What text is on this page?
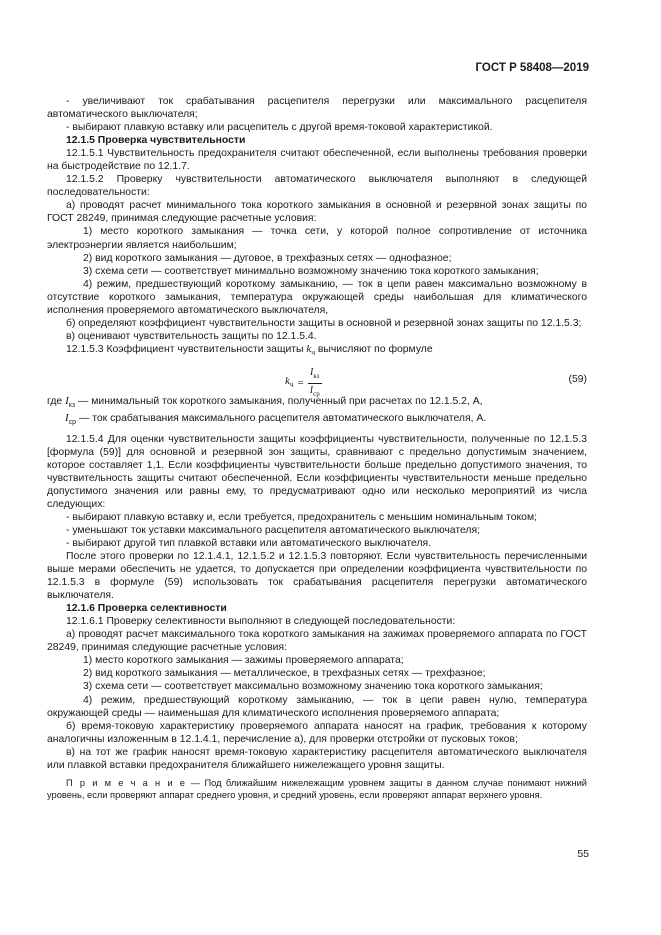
ГОСТ Р 58408—2019

- увеличивают ток срабатывания расцепителя перегрузки или максимального расцепителя автоматического выключателя;

- выбирают плавкую вставку или расцепитель с другой время-токовой характеристикой.

12.1.5 Проверка чувствительности

12.1.5.1 Чувствительность предохранителя считают обеспеченной, если выполнены требования проверки на быстродействие по 12.1.7.

12.1.5.2 Проверку чувствительности автоматического выключателя выполняют в следующей последовательности:

а) проводят расчет минимального тока короткого замыкания в основной и резервной зонах защиты по ГОСТ 28249, принимая следующие расчетные условия:

1) место короткого замыкания — точка сети, у которой полное сопротивление от источника электроэнергии является наибольшим;

2) вид короткого замыкания — дуговое, в трехфазных сетях — однофазное;

3) схема сети — соответствует минимально возможному значению тока короткого замыкания;

4) режим, предшествующий короткому замыканию, — ток в цепи равен максимально возможному в отсутствие короткого замыкания, температура окружающей среды наибольшая для климатического исполнения проверяемого автоматического выключателя,

б) определяют коэффициент чувствительности защиты в основной и резервной зонах защиты по 12.1.5.3;

в) оценивают чувствительность защиты по 12.1.5.4.

12.1.5.3 Коэффициент чувствительности защиты $k_ч$ вычисляют по формуле

$k_ч = \frac{I_{кз}}{I_{ср}}$	(59)

где $I_{кз}$ — минимальный ток короткого замыкания, полученный при расчетах по 12.1.5.2, А,

$I_{ср}$ — ток срабатывания максимального расцепителя автоматического выключателя, А.

12.1.5.4 Для оценки чувствительности защиты коэффициенты чувствительности, полученные по 12.1.5.3 [формула (59)] для основной и резервной зон защиты, сравнивают с предельно допустимым значением, которое составляет 1,1. Если коэффициенты чувствительности больше предельно допустимого значения, то чувствительность защиты считают обеспеченной. Если коэффициенты чувствительности меньше предельно допустимого значения или равны ему, то предусматривают одно или несколько мероприятий из числа следующих:

- выбирают плавкую вставку и, если требуется, предохранитель с меньшим номинальным током;

- уменьшают ток уставки максимального расцепителя автоматического выключателя;

- выбирают другой тип плавкой вставки или автоматического выключателя.

После этого проверки по 12.1.4.1, 12.1.5.2 и 12.1.5.3 повторяют. Если чувствительность перечисленными выше мерами обеспечить не удается, то допускается при определении коэффициента чувствительности по 12.1.5.3 в формуле (59) использовать ток срабатывания расцепителя перегрузки автоматического выключателя.

12.1.6 Проверка селективности

12.1.6.1 Проверку селективности выполняют в следующей последовательности:

а) проводят расчет максимального тока короткого замыкания на зажимах проверяемого аппарата по ГОСТ 28249, принимая следующие расчетные условия:

1) место короткого замыкания — зажимы проверяемого аппарата;

2) вид короткого замыкания — металлическое, в трехфазных сетях — трехфазное;

3) схема сети — соответствует максимально возможному значению тока короткого замыкания;

4) режим, предшествующий короткому замыканию, — ток в цепи равен нулю, температура окружающей среды — наименьшая для климатического исполнения проверяемого аппарата;

б) время-токовую характеристику проверяемого аппарата наносят на график, требования к которому аналогичны изложенным в 12.1.4.1, перечисление а), для проверки отстройки от пусковых токов;

в) на тот же график наносят время-токовую характеристику расцепителя автоматического выключателя или плавкой вставки предохранителя ближайшего нижележащего уровня защиты.

П р и м е ч а н и е — Под ближайшим нижележащим уровнем защиты в данном случае понимают нижний уровень, если проверяют аппарат среднего уровня, и средний уровень, если проверяют аппарат верхнего уровня.

55
